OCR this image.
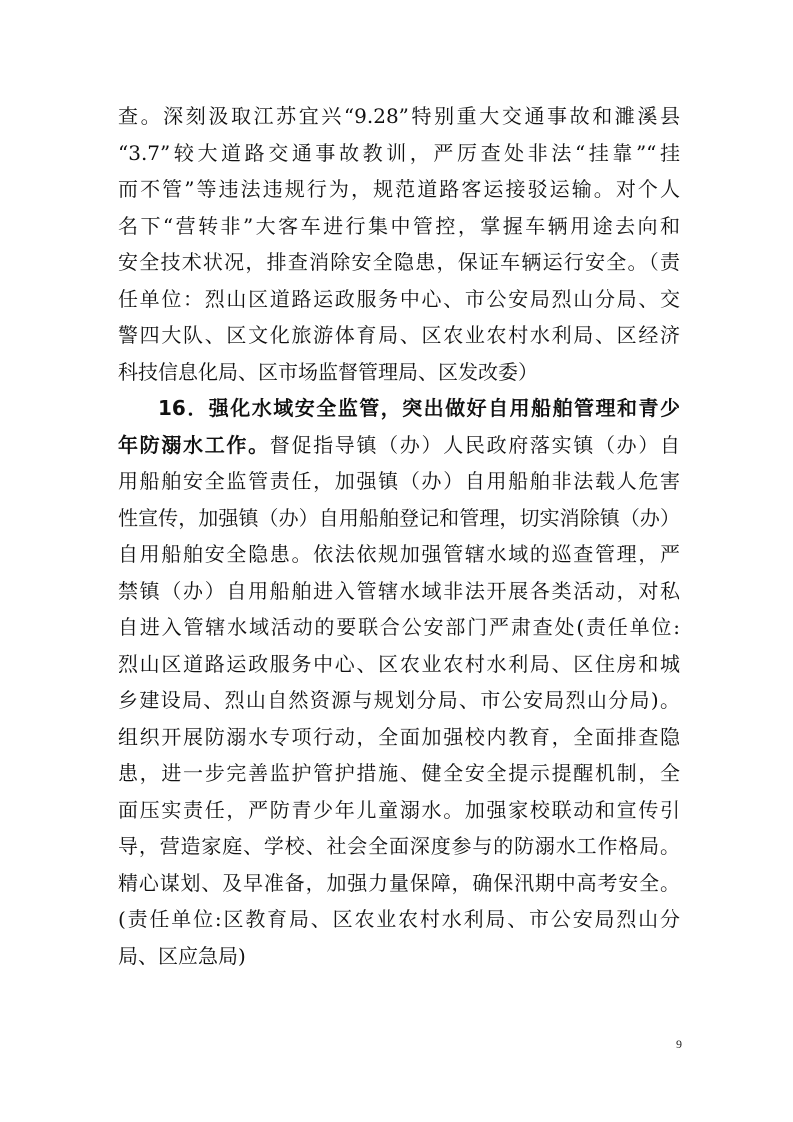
查。深刻汲取江苏宜兴“9.28”特别重大交通事故和濉溪县
“3.7”较大道路交通事故教训，严厉查处非法“挂靠”“挂
而不管”等违法违规行为，规范道路客运接驳运输。对个人
名下“营转非”大客车进行集中管控，掌握车辆用途去向和
安全技术状况，排查消除安全隐患，保证车辆运行安全。（责
任单位：烈山区道路运政服务中心、市公安局烈山分局、交
警四大队、区文化旅游体育局、区农业农村水利局、区经济
科技信息化局、区市场监督管理局、区发改委）
16．强化水域安全监管，突出做好自用船舶管理和青少
年防溺水工作。督促指导镇（办）人民政府落实镇（办）自
用船舶安全监管责任，加强镇（办）自用船舶非法载人危害
性宣传，加强镇（办）自用船舶登记和管理，切实消除镇（办）
自用船舶安全隐患。依法依规加强管辖水域的巡查管理，严
禁镇（办）自用船舶进入管辖水域非法开展各类活动，对私
自进入管辖水域活动的要联合公安部门严肃查处(责任单位:
烈山区道路运政服务中心、区农业农村水利局、区住房和城
乡建设局、烈山自然资源与规划分局、市公安局烈山分局)。
组织开展防溺水专项行动，全面加强校内教育，全面排查隐
患，进一步完善监护管护措施、健全安全提示提醒机制，全
面压实责任，严防青少年儿童溺水。加强家校联动和宣传引
导，营造家庭、学校、社会全面深度参与的防溺水工作格局。
精心谋划、及早准备，加强力量保障，确保汛期中高考安全。
(责任单位:区教育局、区农业农村水利局、市公安局烈山分
局、区应急局)
9
